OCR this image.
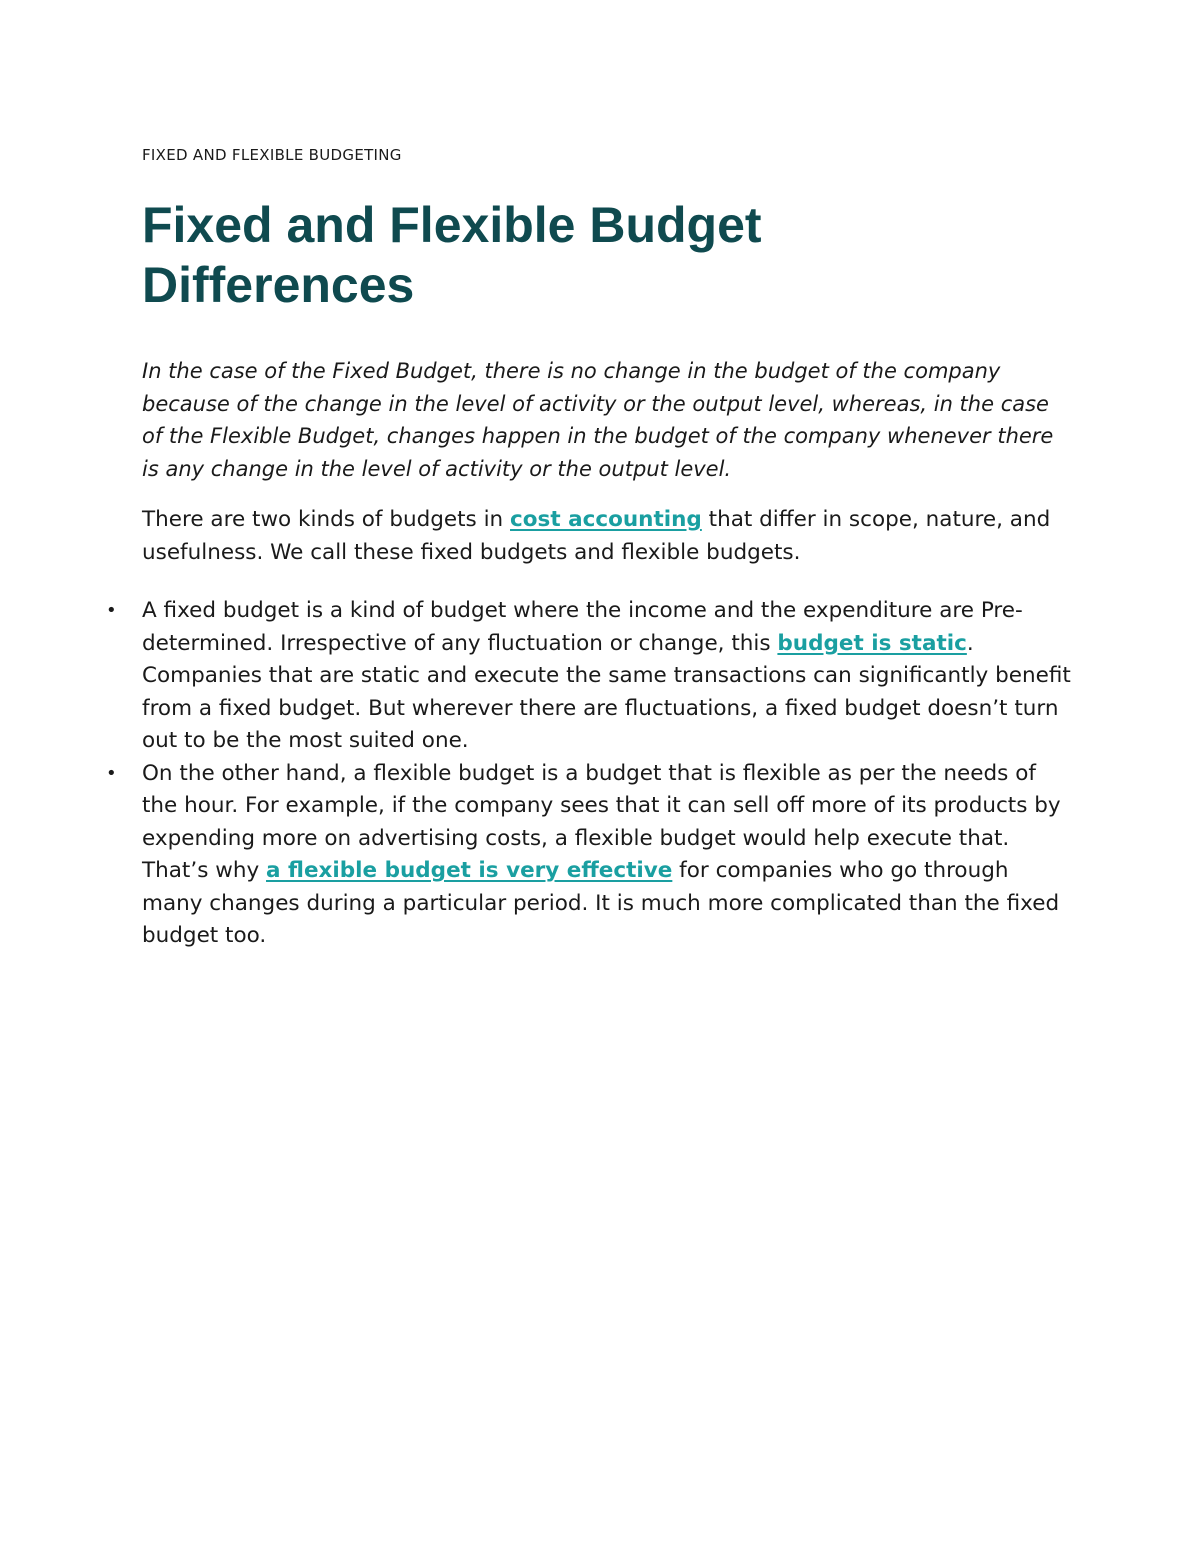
FIXED AND FLEXIBLE BUDGETING

Fixed and Flexible Budget Differences

In the case of the Fixed Budget, there is no change in the budget of the company because of the change in the level of activity or the output level, whereas, in the case of the Flexible Budget, changes happen in the budget of the company whenever there is any change in the level of activity or the output level.

There are two kinds of budgets in cost accounting that differ in scope, nature, and usefulness. We call these fixed budgets and flexible budgets.

• A fixed budget is a kind of budget where the income and the expenditure are Pre-determined. Irrespective of any fluctuation or change, this budget is static. Companies that are static and execute the same transactions can significantly benefit from a fixed budget. But wherever there are fluctuations, a fixed budget doesn’t turn out to be the most suited one.
• On the other hand, a flexible budget is a budget that is flexible as per the needs of the hour. For example, if the company sees that it can sell off more of its products by expending more on advertising costs, a flexible budget would help execute that. That’s why a flexible budget is very effective for companies who go through many changes during a particular period. It is much more complicated than the fixed budget too.
